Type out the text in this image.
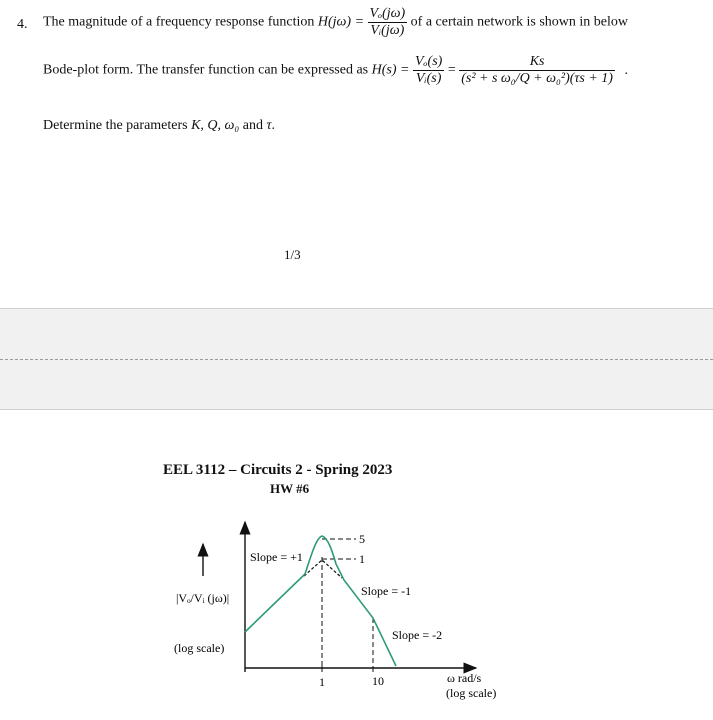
4. The magnitude of a frequency response function $H(j\omega) = \frac{\text{Vₒ(jω)}}{\text{Vᵢ(jω)}}$ of a certain network is shown in below
Bode-plot form. The transfer function can be expressed as $H(s) = \frac{\text{Vₒ(s)}}{\text{Vᵢ(s)}} = \frac{Ks}{\text{(s² + s ω₀/Q + ω₀²)(τs + 1)}}$ .
Determine the parameters K, Q, ω₀ and τ.
1/3
EEL 3112 – Circuits 2 - Spring 2023
HW #6
1	10
5
1
Slope = +1
Slope = -1
Slope = -2
ω rad/s
(log scale)
|Vₒ/Vᵢ (jω)|
(log scale)
